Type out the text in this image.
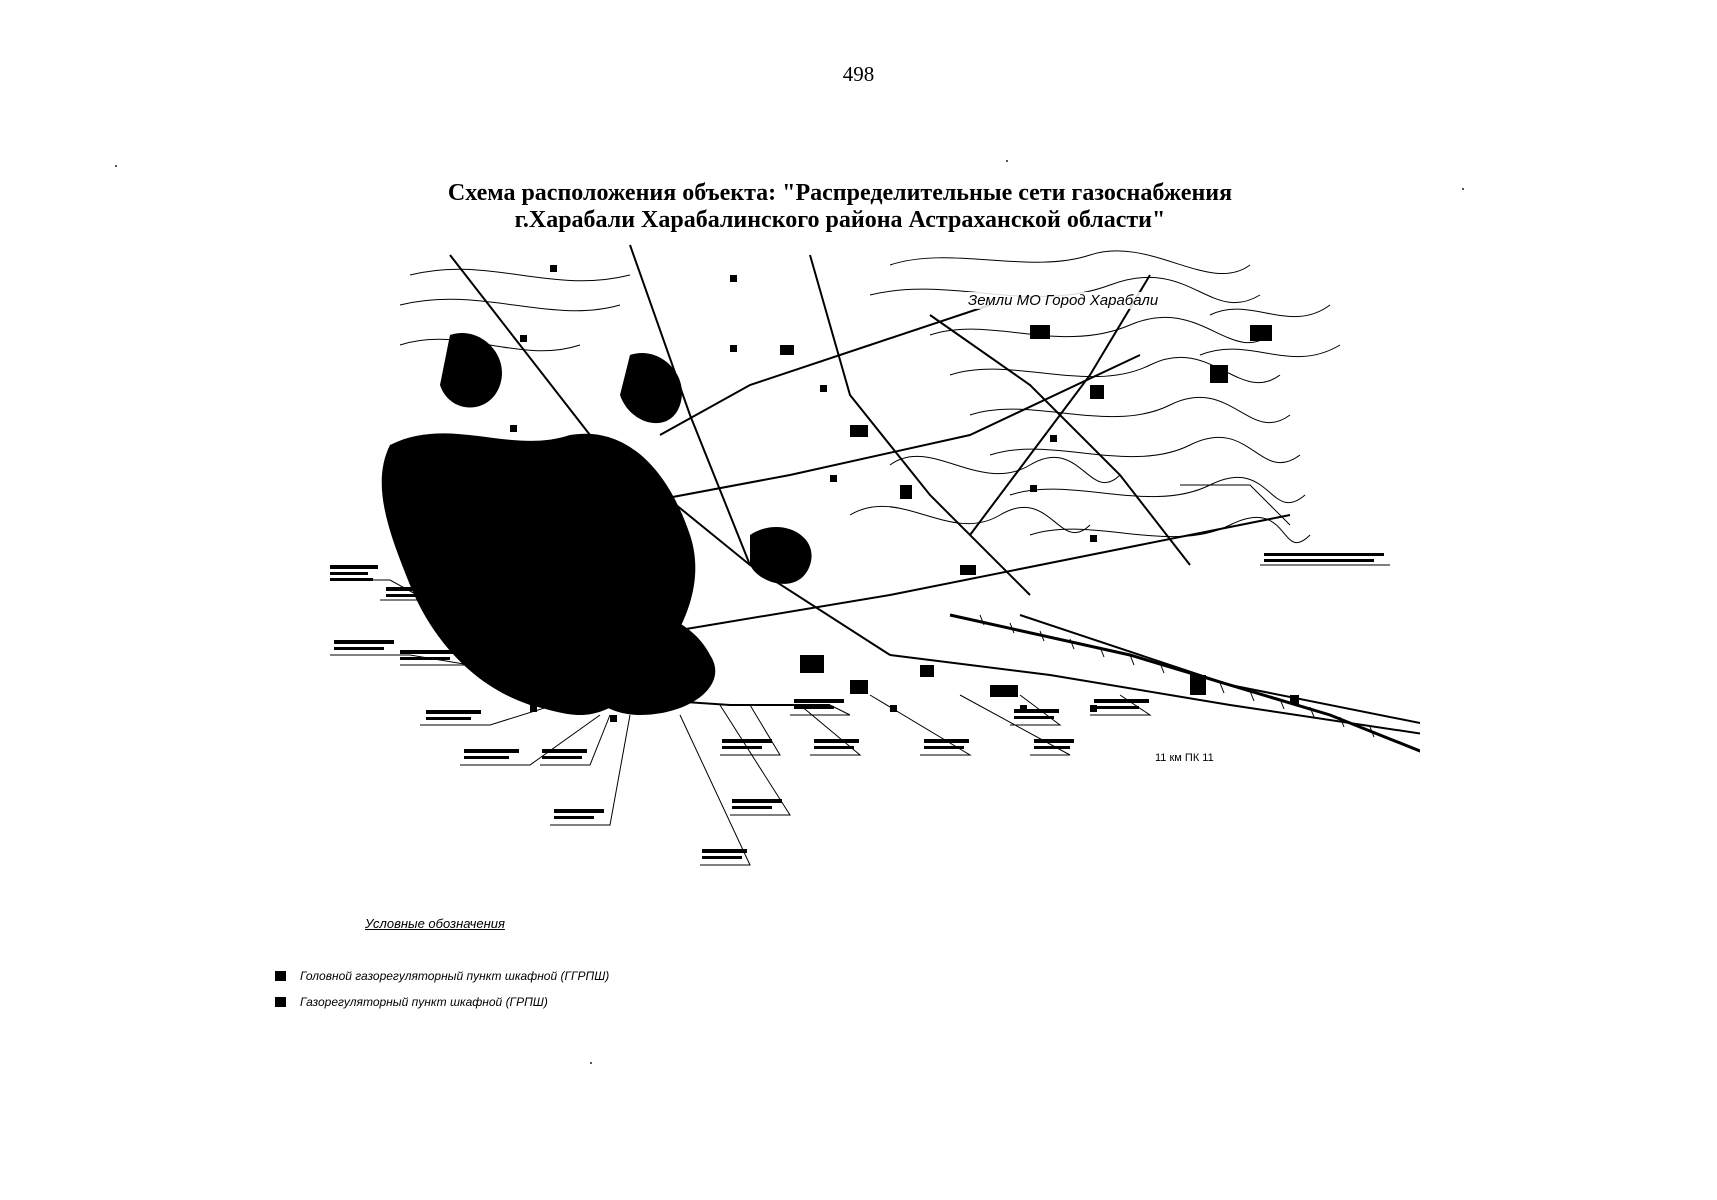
498
Схема расположения объекта: "Распределительные сети газоснабжения
г.Харабали Харабалинского района Астраханской области"
Земли МО Город Харабали
11 км ПК 11
Условные обозначения
Головной газорегуляторный пункт шкафной (ГГРПШ)
Газорегуляторный пункт шкафной (ГРПШ)
